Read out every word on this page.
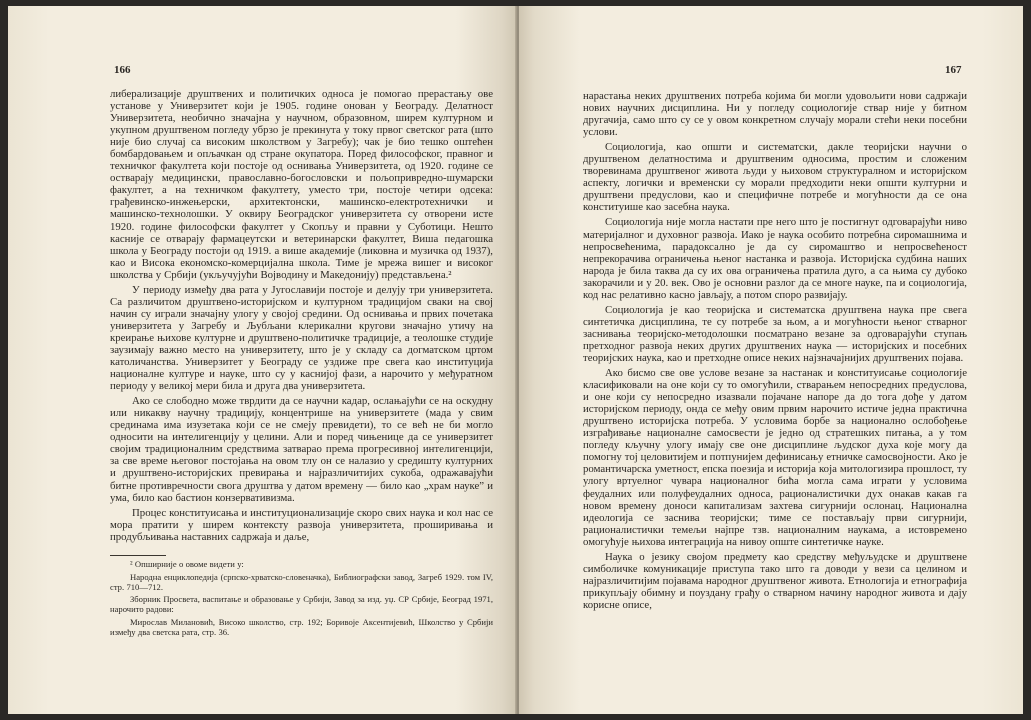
166

либерализације друштвених и политичких односа је помогао прерастању ове установе у Универзитет који је 1905. године онован у Београду. Делатност Универзитета, необично значајна у научном, образовном, ширем културном и укупном друштвеном погледу убрзо је прекинута у току првог светског рата (што није био случај са високим школством у Загребу); чак је био тешко оштећен бомбардовањем и опљачкан од стране окупатора. Поред философског, правног и техничког факултета који постоје од оснивања Универзитета, од 1920. године се остварају медицински, православно-богословски и пољопривредно-шумарски факултет, а на техничком факултету, уместо три, постоје четири одсека: грађевинско-инжењерски, архитектонски, машинско-електротехнички и машинско-технолошки. У оквиру Београдског универзитета су отворени исте 1920. године философски факултет у Скопљу и правни у Суботици. Нешто касније се отварају фармацеутски и ветеринарски факултет, Виша педагошка школа у Београду постоји од 1919. а више академије (ликовна и музичка од 1937), као и Висока економско-комерцијална школа. Тиме је мрежа вишег и високог школства у Србији (укључујући Војводину и Македонију) представљена.²

У периоду између два рата у Југославији постоје и делују три универзитета. Са различитом друштвено-историјском и културном традицијом сваки на свој начин су играли значајну улогу у својој средини. Од оснивања и првих почетака универзитета у Загребу и Љубљани клерикални кругови значајно утичу на креирање њихове културне и друштвено-политичке традиције, а теолошке студије заузимају важно место на универзитету, што је у складу са догматском цртом католичанства. Универзитет у Београду се уздиже пре свега као институција националне културе и науке, што су у каснијој фази, а нарочито у међуратном периоду у великој мери била и друга два универзитета.

Ако се слободно може тврдити да се научни кадар, ослањајући се на оскудну или никакву научну традицију, концентрише на универзитете (мада у свим срединама има изузетака који се не смеју превидети), то се већ не би могло односити на интелигенцију у целини. Али и поред чињенице да се универзитет својим традиционалним средствима затварао према прогресивној интелигенцији, за све време његовог постојања на овом тлу он се налазио у средишту културних и друштвено-историјских превирања и најразличитијих сукоба, одражавајући битне противречности свога друштва у датом времену — било као „храм науке” и ума, било као бастион конзервативизма.

Процес конституисања и институционализације скоро свих наука и кол нас се мора пратити у ширем контексту развоја универзитета, проширивања и продубљивања наставних садржаја и даље,

² Опширније о овоме видети у:

Народна енциклопедија (српско-хрватско-словеначка), Библиографски завод, Загреб 1929. том IV, стр. 710—712.

Зборник Просвета, васпитање и образовање у Србији, Завод за изд. уџ. СР Србије, Београд 1971, нарочито радови:

Мирослав Милановић, Високо школство, стр. 192; Боривоје Аксентијевић, Школство у Србији између два светска рата, стр. 36.

167

нарастања неких друштвених потреба којима би могли удовољити нови садржаји нових научних дисциплина. Ни у погледу социологије ствар није у битном другачија, само што су се у овом конкретном случају морали стећи неки посебни услови.

Социологија, као општи и систематски, дакле теоријски научни о друштвеном делатностима и друштвеним односима, простим и сложеним творевинама друштвеног живота људи у њиховом структуралном и историјском аспекту, логички и временски су морали предходити неки општи културни и друштвени предуслови, као и специфичне потребе и могућности да се она конституише као засебна наука.

Социологија није могла настати пре него што је постигнут одговарајући ниво материјалног и духовног развоја. Иако је наука особито потребна сиромашнима и непросвећенима, парадоксално је да су сиромаштво и непросвећеност непрекорачива ограничења њеног настанка и развоја. Историјска судбина наших народа је била таква да су их ова ограничења пратила дуго, а са њима су дубоко закорачили и у 20. век. Ово је основни разлог да се многе науке, па и социологија, код нас релативно касно јављају, а потом споро развијају.

Социологија је као теоријска и систематска друштвена наука пре свега синтетичка дисциплина, те су потребе за њом, а и могућности њеног стварног заснивања теоријско-методолошки посматрано везане за одговарајући ступањ претходног развоја неких других друштвених наука — историјских и посебних теоријских наука, као и претходне описе неких најзначајнијих друштвених појава.

Ако бисмо све ове услове везане за настанак и конституисање социологије класификовали на оне који су то омогућили, стварањем непосредних предуслова, и оне који су непосредно изазвали појачане напоре да до тога дође у датом историјском периоду, онда се међу овим првим нарочито истиче једна практична друштвено историјска потреба. У условима борбе за национално ослобођење изграђивање националне самосвести је једно од стратешких питања, а у том погледу кључну улогу имају све оне дисциплине људског духа које могу да помогну тој целовитијем и потпунијем дефинисању етничке самосвојности. Ако је романтичарска уметност, епска поезија и историја која митологизира прошлост, ту улогу вртуелног чувара националног бића могла сама играти у условима феудалних или полуфеудалних односа, рационалистички дух онакав какав га новом времену доноси капитализам захтева сигурнији ослонац. Национална идеологија се заснива теоријски; тиме се постављају први сигурнији, рационалистички темељи најпре тзв. националним наукама, а истовремено омогућује њихова интеграција на нивоу опште синтетичке науке.

Наука о језику својом предмету као средству међуљудске и друштвене симболичке комуникације приступа тако што га доводи у вези са целином и најразличитијим појавама народног друштвеног живота. Етнологија и етнографија прикупљају обимну и поуздану грађу о стварном начину народног живота и дају корисне описе,
